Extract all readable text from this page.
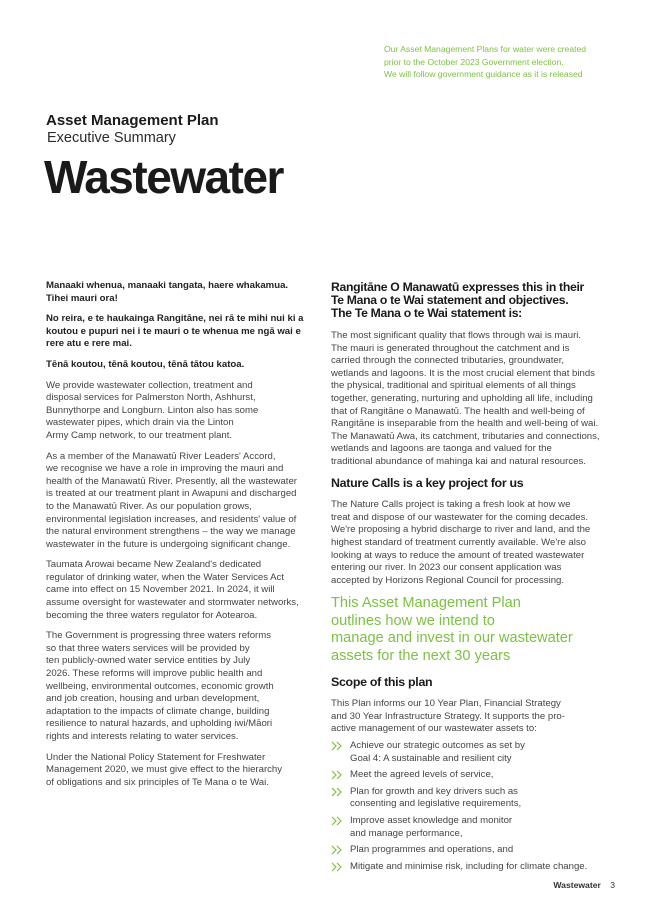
Our Asset Management Plans for water were created

prior to the October 2023 Government election.

We will follow government guidance as it is released

Asset Management Plan
Executive Summary
Wastewater

Manaaki whenua, manaaki tangata, haere whakamua.
Tihei mauri ora!

No reira, e te haukainga Rangitāne, nei rā te mihi nui ki a
koutou e pupuri nei i te mauri o te whenua me ngā wai e
rere atu e rere mai.

Tēnā koutou, tēnā koutou, tēnā tātou katoa.

We provide wastewater collection, treatment and
disposal services for Palmerston North, Ashhurst,
Bunnythorpe and Longburn. Linton also has some
wastewater pipes, which drain via the Linton
Army Camp network, to our treatment plant.

As a member of the Manawatū River Leaders' Accord,
we recognise we have a role in improving the mauri and
health of the Manawatū River. Presently, all the wastewater
is treated at our treatment plant in Awapuni and discharged
to the Manawatū River. As our population grows,
environmental legislation increases, and residents' value of
the natural environment strengthens – the way we manage
wastewater in the future is undergoing significant change.

Taumata Arowai became New Zealand's dedicated
regulator of drinking water, when the Water Services Act
came into effect on 15 November 2021. In 2024, it will
assume oversight for wastewater and stormwater networks,
becoming the three waters regulator for Aotearoa.

The Government is progressing three waters reforms
so that three waters services will be provided by
ten publicly-owned water service entities by July
2026. These reforms will improve public health and
wellbeing, environmental outcomes, economic growth
and job creation, housing and urban development,
adaptation to the impacts of climate change, building
resilience to natural hazards, and upholding iwi/Māori
rights and interests relating to water services.

Under the National Policy Statement for Freshwater
Management 2020, we must give effect to the hierarchy
of obligations and six principles of Te Mana o te Wai.

Rangitāne O Manawatū expresses this in their
Te Mana o te Wai statement and objectives.
The Te Mana o te Wai statement is:

The most significant quality that flows through wai is mauri.
The mauri is generated throughout the catchment and is
carried through the connected tributaries, groundwater,
wetlands and lagoons. It is the most crucial element that binds
the physical, traditional and spiritual elements of all things
together, generating, nurturing and upholding all life, including
that of Rangitāne o Manawatū. The health and well-being of
Rangitāne is inseparable from the health and well-being of wai.
The Manawatū Awa, its catchment, tributaries and connections,
wetlands and lagoons are taonga and valued for the
traditional abundance of mahinga kai and natural resources.

Nature Calls is a key project for us

The Nature Calls project is taking a fresh look at how we
treat and dispose of our wastewater for the coming decades.
We're proposing a hybrid discharge to river and land, and the
highest standard of treatment currently available. We're also
looking at ways to reduce the amount of treated wastewater
entering our river. In 2023 our consent application was
accepted by Horizons Regional Council for processing.

This Asset Management Plan
outlines how we intend to
manage and invest in our wastewater
assets for the next 30 years
Scope of this plan

This Plan informs our 10 Year Plan, Financial Strategy
and 30 Year Infrastructure Strategy. It supports the pro-
active management of our wastewater assets to:

Achieve our strategic outcomes as set by
Goal 4: A sustainable and resilient city
Meet the agreed levels of service,
Plan for growth and key drivers such as
consenting and legislative requirements,
Improve asset knowledge and monitor
and manage performance,
Plan programmes and operations, and
Mitigate and minimise risk, including for climate change.
Wastewater 3
